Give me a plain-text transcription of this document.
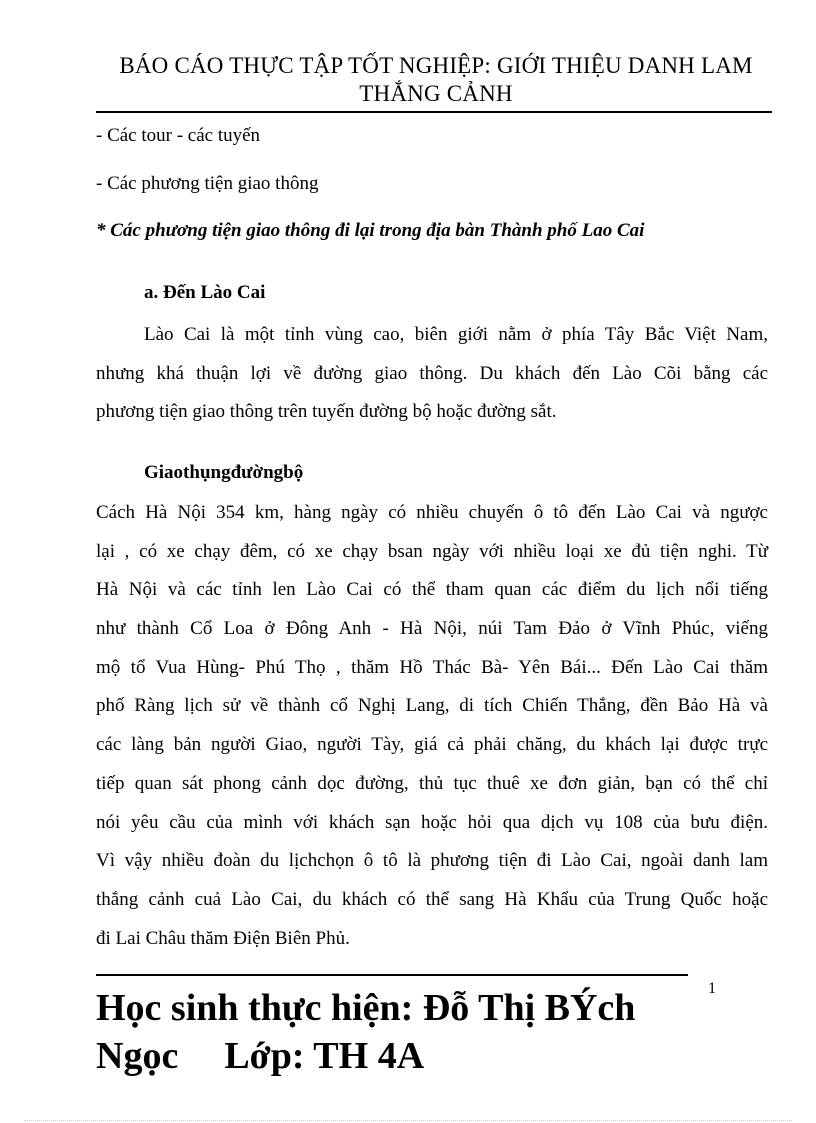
BÁO CÁO THỰC TẬP TỐT NGHIỆP: GIỚI THIỆU DANH LAM
THẮNG CẢNH
- Các tour - các tuyến
- Các phương tiện giao thông
* Các phương tiện giao thông đi lại trong địa bàn Thành phố Lao Cai
a. Đến Lào Cai
Lào Cai là một tỉnh vùng cao, biên giới nằm ở phía Tây Bắc Việt Nam,
nhưng khá thuận lợi về đường giao thông. Du khách đến Lào Cõi bằng các
phương tiện giao thông trên tuyến đường bộ hoặc đường sắt.
Giaothụngđườngbộ
Cách Hà Nội 354 km, hàng ngày có nhiều chuyến ô tô đến Lào Cai và ngược
lại , có xe chạy đêm, có xe chạy bsan ngày với nhiều loại xe đủ tiện nghi. Từ
Hà Nội và các tỉnh len Lào Cai có thể tham quan các điểm du lịch nổi tiếng
như thành Cổ Loa ở Đông Anh - Hà Nội, núi Tam Đảo ở Vĩnh Phúc, viếng
mộ tổ Vua Hùng- Phú Thọ , thăm Hồ Thác Bà- Yên Bái... Đến Lào Cai thăm
phố Ràng lịch sử về thành cổ Nghị Lang, di tích Chiến Thắng, đền Bảo Hà và
các làng bản người Giao, người Tày, giá cả phải chăng, du khách lại được trực
tiếp quan sát phong cảnh dọc đường, thủ tục thuê xe đơn giản, bạn có thể chỉ
nói yêu cầu của mình với khách sạn hoặc hỏi qua dịch vụ 108 của bưu điện.
Vì vậy nhiều đoàn du lịchchọn ô tô là phương tiện đi Lào Cai, ngoài danh lam
thắng cảnh cuả Lào Cai, du khách có thể sang Hà Khẩu của Trung Quốc hoặc
đi Lai Châu thăm Điện Biên Phủ.
1
Học sinh thực hiện: Đỗ Thị BÝch
Ngọc Lớp: TH 4A
